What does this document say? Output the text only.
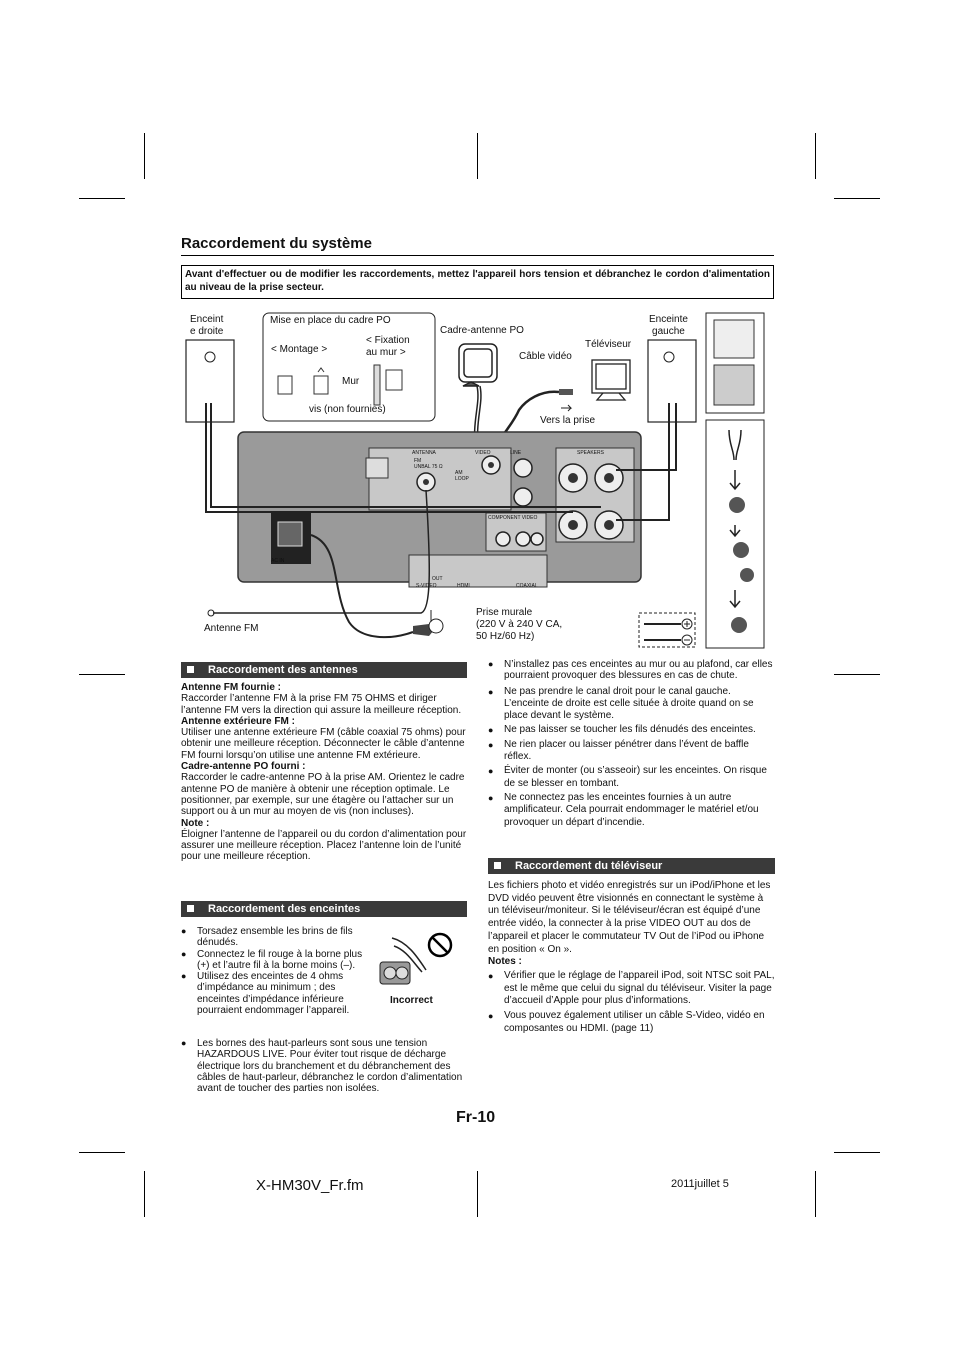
Raccordement du système
Avant d'effectuer ou de modifier les raccordements, mettez l'appareil hors tension et débranchez le cordon d'alimentation au niveau de la prise secteur.
Enceint
e droite
Enceinte
gauche
Mise en place du cadre PO
< Montage >
< Fixation
au mur >
Mur
vis (non fournies)
Cadre-antenne PO
Câble vidéo
Téléviseur
Vers la prise
Antenne FM
Prise murale
(220 V à 240 V CA,
50 Hz/60 Hz)
ANTENNA
FM
UNBAL 75 Ω
AM
LOOP
VIDEO	LINE	SPEAKERS
COMPONENT VIDEO
AC IN
S-VIDEO	HDMI	COAXIAL
OUT
Raccordement des antennes

Antenne FM fournie :

Raccorder l’antenne FM à la prise FM 75 OHMS et diriger l’antenne FM vers la direction qui assure la meilleure réception.

Antenne extérieure FM :

Utiliser une antenne extérieure FM (câble coaxial 75 ohms) pour obtenir une meilleure réception. Déconnecter le câble d’antenne FM fourni lorsqu’on utilise une antenne FM extérieure.

Cadre-antenne PO fourni :

Raccorder le cadre-antenne PO à la prise AM. Orientez le cadre antenne PO de manière à obtenir une réception optimale. Le positionner, par exemple, sur une étagère ou l’attacher sur un support ou à un mur au moyen de vis (non incluses).

Note :

Éloigner l’antenne de l’appareil ou du cordon d’alimentation pour assurer une meilleure réception. Placez l’antenne loin de l’unité pour une meilleure réception.

Raccordement des enceintes
● Torsadez ensemble les brins de fils dénudés.
● Connectez le fil rouge à la borne plus (+) et l’autre fil à la borne moins (–).
● Utilisez des enceintes de 4 ohms d’impédance au minimum ; des enceintes d’impédance inférieure pourraient endommager l’appareil.
● Les bornes des haut-parleurs sont sous une tension HAZARDOUS LIVE. Pour éviter tout risque de décharge électrique lors du branchement et du débranchement des câbles de haut-parleur, débranchez le cordon d’alimentation avant de toucher des parties non isolées.
Incorrect
● N’installez pas ces enceintes au mur ou au plafond, car elles pourraient provoquer des blessures en cas de chute.
● Ne pas prendre le canal droit pour le canal gauche. L’enceinte de droite est celle située à droite quand on se place devant le système.
● Ne pas laisser se toucher les fils dénudés des enceintes.
● Ne rien placer ou laisser pénétrer dans l’évent de baffle réflex.
● Éviter de monter (ou s’asseoir) sur les enceintes. On risque de se blesser en tombant.
● Ne connectez pas les enceintes fournies à un autre amplificateur. Cela pourrait endommager le matériel et/ou provoquer un départ d’incendie.
Raccordement du téléviseur

Les fichiers photo et vidéo enregistrés sur un iPod/iPhone et les DVD vidéo peuvent être visionnés en connectant le système à un téléviseur/moniteur. Si le téléviseur/écran est équipé d’une entrée vidéo, la connecter à la prise VIDEO OUT au dos de l’appareil et placer le commutateur TV Out de l’iPod ou iPhone en position « On ».

Notes :

● Vérifier que le réglage de l’appareil iPod, soit NTSC soit PAL, est le même que celui du signal du téléviseur. Visiter la page d’accueil d’Apple pour plus d’informations.
● Vous pouvez également utiliser un câble S-Video, vidéo en composantes ou HDMI. (page 11)
Fr-10
X-HM30V_Fr.fm	2011juillet 5
